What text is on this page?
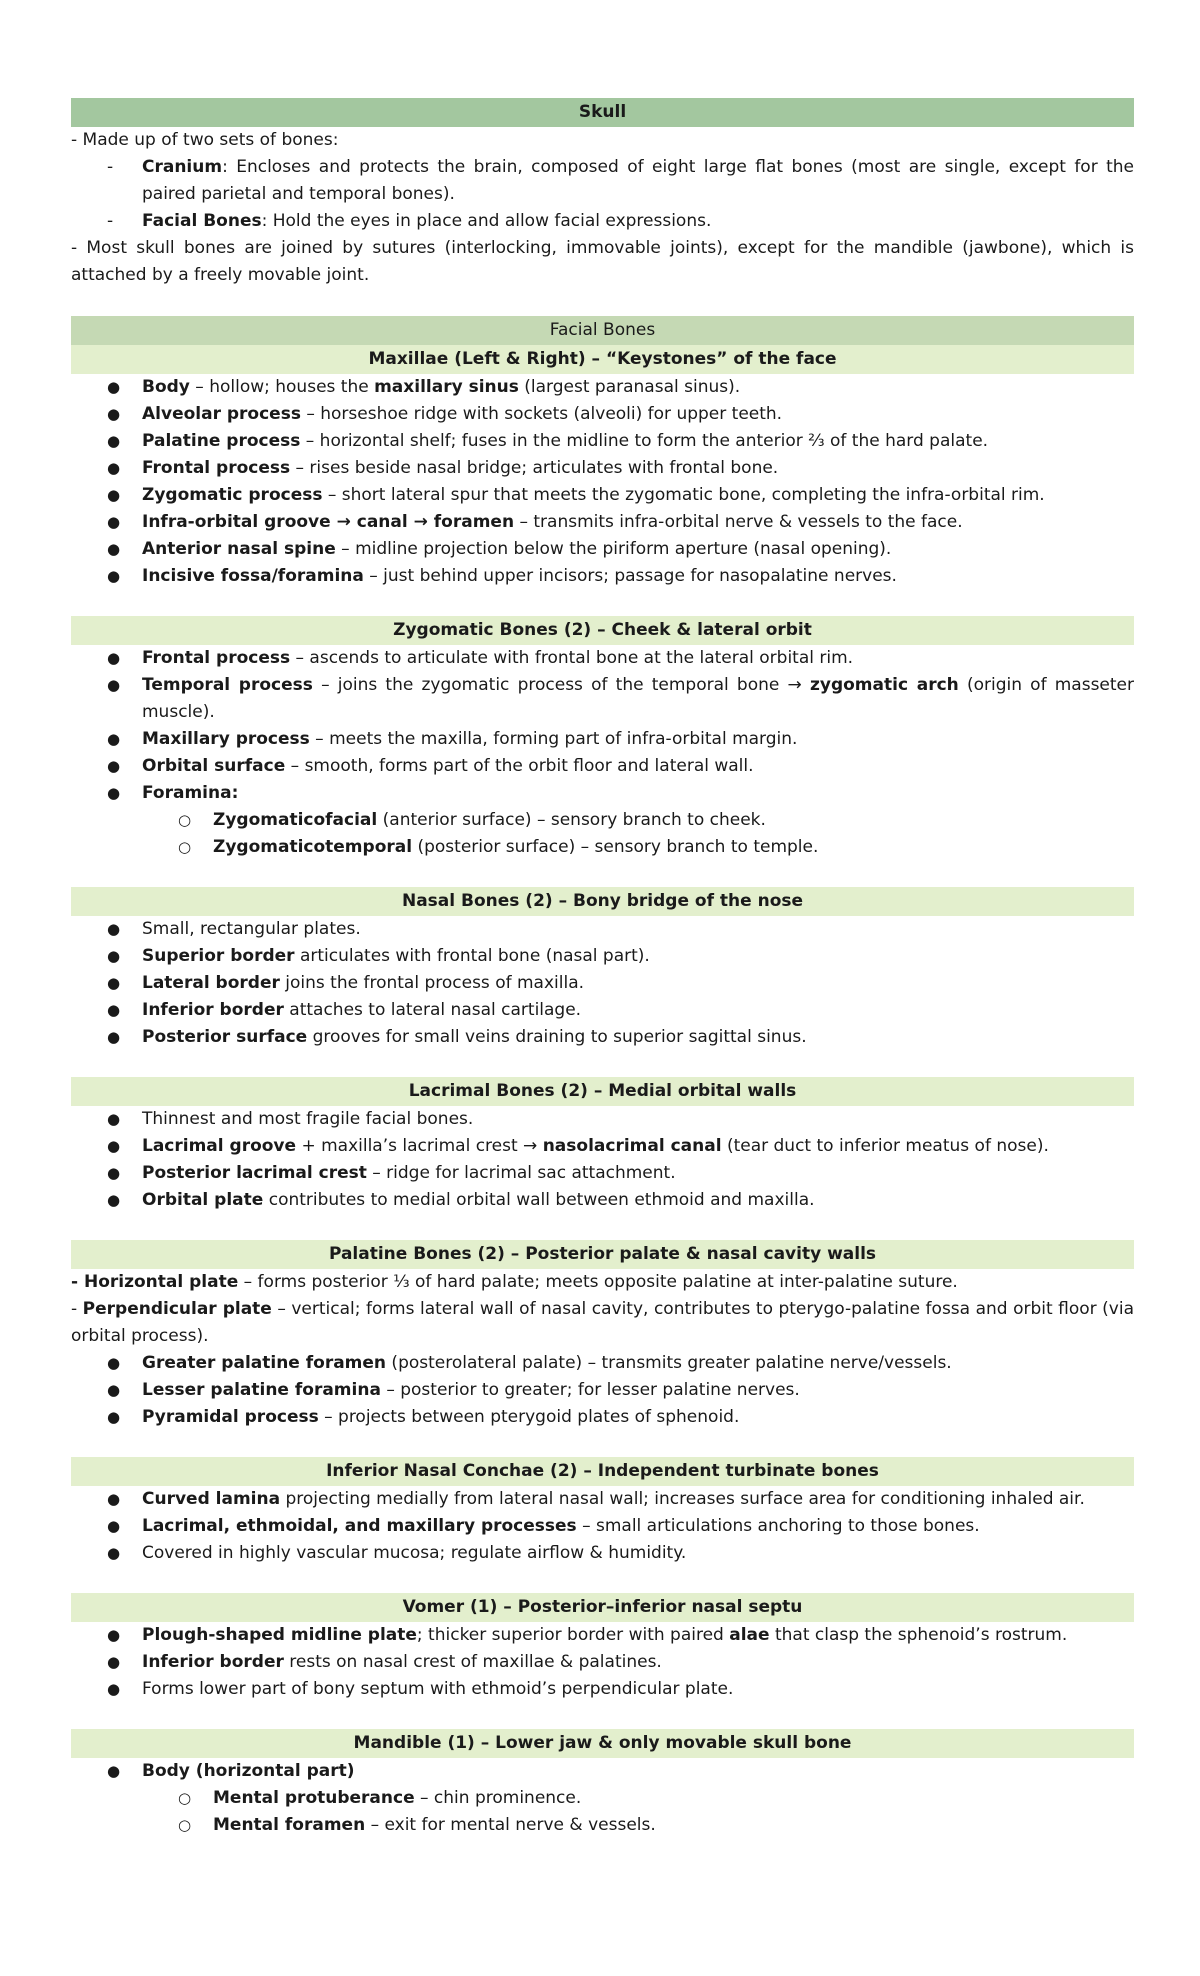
Skull

- Made up of two sets of bones:

- Cranium: Encloses and protects the brain, composed of eight large flat bones (most are single, except for the paired parietal and temporal bones).

- Facial Bones: Hold the eyes in place and allow facial expressions.

- Most skull bones are joined by sutures (interlocking, immovable joints), except for the mandible (jawbone), which is attached by a freely movable joint.

Facial Bones
Maxillae (Left & Right) – “Keystones” of the face

● Body – hollow; houses the maxillary sinus (largest paranasal sinus).

● Alveolar process – horseshoe ridge with sockets (alveoli) for upper teeth.

● Palatine process – horizontal shelf; fuses in the midline to form the anterior ⅔ of the hard palate.

● Frontal process – rises beside nasal bridge; articulates with frontal bone.

● Zygomatic process – short lateral spur that meets the zygomatic bone, completing the infra-orbital rim.

● Infra-orbital groove → canal → foramen – transmits infra-orbital nerve & vessels to the face.

● Anterior nasal spine – midline projection below the piriform aperture (nasal opening).

● Incisive fossa/foramina – just behind upper incisors; passage for nasopalatine nerves.

Zygomatic Bones (2) – Cheek & lateral orbit

● Frontal process – ascends to articulate with frontal bone at the lateral orbital rim.

● Temporal process – joins the zygomatic process of the temporal bone → zygomatic arch (origin of masseter muscle).

● Maxillary process – meets the maxilla, forming part of infra-orbital margin.

● Orbital surface – smooth, forms part of the orbit floor and lateral wall.

● Foramina:

○ Zygomaticofacial (anterior surface) – sensory branch to cheek.

○ Zygomaticotemporal (posterior surface) – sensory branch to temple.

Nasal Bones (2) – Bony bridge of the nose

● Small, rectangular plates.

● Superior border articulates with frontal bone (nasal part).

● Lateral border joins the frontal process of maxilla.

● Inferior border attaches to lateral nasal cartilage.

● Posterior surface grooves for small veins draining to superior sagittal sinus.

Lacrimal Bones (2) – Medial orbital walls

● Thinnest and most fragile facial bones.

● Lacrimal groove + maxilla’s lacrimal crest → nasolacrimal canal (tear duct to inferior meatus of nose).

● Posterior lacrimal crest – ridge for lacrimal sac attachment.

● Orbital plate contributes to medial orbital wall between ethmoid and maxilla.

Palatine Bones (2) – Posterior palate & nasal cavity walls

- Horizontal plate – forms posterior ⅓ of hard palate; meets opposite palatine at inter-palatine suture.

- Perpendicular plate – vertical; forms lateral wall of nasal cavity, contributes to pterygo-palatine fossa and orbit floor (via orbital process).

● Greater palatine foramen (posterolateral palate) – transmits greater palatine nerve/vessels.

● Lesser palatine foramina – posterior to greater; for lesser palatine nerves.

● Pyramidal process – projects between pterygoid plates of sphenoid.

Inferior Nasal Conchae (2) – Independent turbinate bones

● Curved lamina projecting medially from lateral nasal wall; increases surface area for conditioning inhaled air.

● Lacrimal, ethmoidal, and maxillary processes – small articulations anchoring to those bones.

● Covered in highly vascular mucosa; regulate airflow & humidity.

Vomer (1) – Posterior–inferior nasal septu

● Plough-shaped midline plate; thicker superior border with paired alae that clasp the sphenoid’s rostrum.

● Inferior border rests on nasal crest of maxillae & palatines.

● Forms lower part of bony septum with ethmoid’s perpendicular plate.

Mandible (1) – Lower jaw & only movable skull bone

● Body (horizontal part)

○ Mental protuberance – chin prominence.

○ Mental foramen – exit for mental nerve & vessels.
